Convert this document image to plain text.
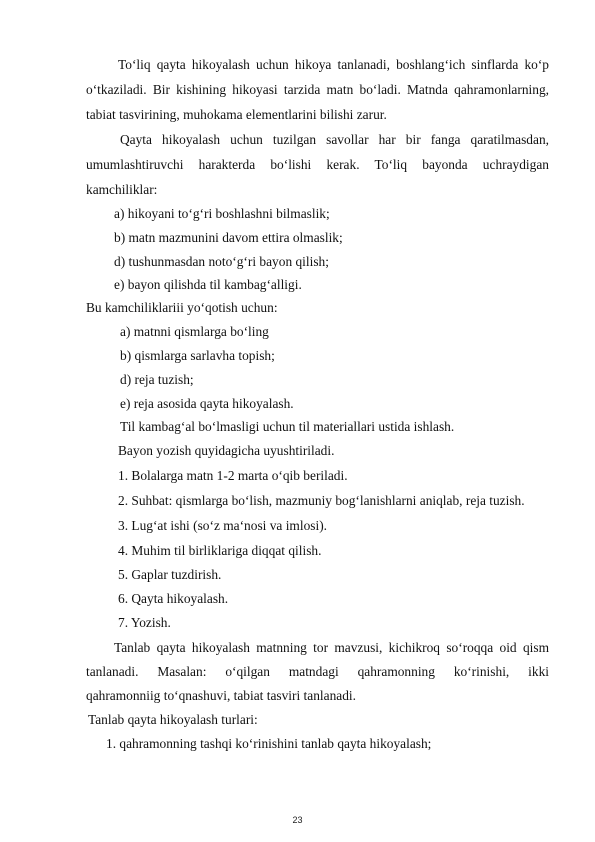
To‘liq qayta hikoyalash uchun hikoya tanlanadi, boshlang‘ich sinflarda ko‘p
o‘tkaziladi. Bir kishining hikoyasi tarzida matn bo‘ladi. Matnda qahramonlarning,
tabiat tasvirining, muhokama elementlarini bilishi zarur.
Qayta hikoyalash uchun tuzilgan savollar har bir fanga qaratilmasdan,
umumlashtiruvchi harakterda bo‘lishi kerak. To‘liq bayonda uchraydigan
kamchiliklar:
a) hikoyani to‘g‘ri boshlashni bilmaslik;
b) matn mazmunini davom ettira olmaslik;
d) tushunmasdan noto‘g‘ri bayon qilish;
e) bayon qilishda til kambag‘alligi.
Bu kamchiliklariii yo‘qotish uchun:
a) matnni qismlarga bo‘ling
b) qismlarga sarlavha topish;
d) reja tuzish;
e) reja asosida qayta hikoyalash.
Til kambag‘al bo‘lmasligi uchun til materiallari ustida ishlash.
Bayon yozish quyidagicha uyushtiriladi.
1. Bolalarga matn 1-2 marta o‘qib beriladi.
2. Suhbat: qismlarga bo‘lish, mazmuniy bog‘lanishlarni aniqlab, reja tuzish.
3. Lug‘at ishi (so‘z ma‘nosi va imlosi).
4. Muhim til birliklariga diqqat qilish.
5. Gaplar tuzdirish.
6. Qayta hikoyalash.
7. Yozish.
Tanlab qayta hikoyalash matnning tor mavzusi, kichikroq so‘roqqa oid qism
tanlanadi. Masalan: o‘qilgan matndagi qahramonning ko‘rinishi, ikki
qahramonniig to‘qnashuvi, tabiat tasviri tanlanadi.
Tanlab qayta hikoyalash turlari:
1. qahramonning tashqi ko‘rinishini tanlab qayta hikoyalash;
23
